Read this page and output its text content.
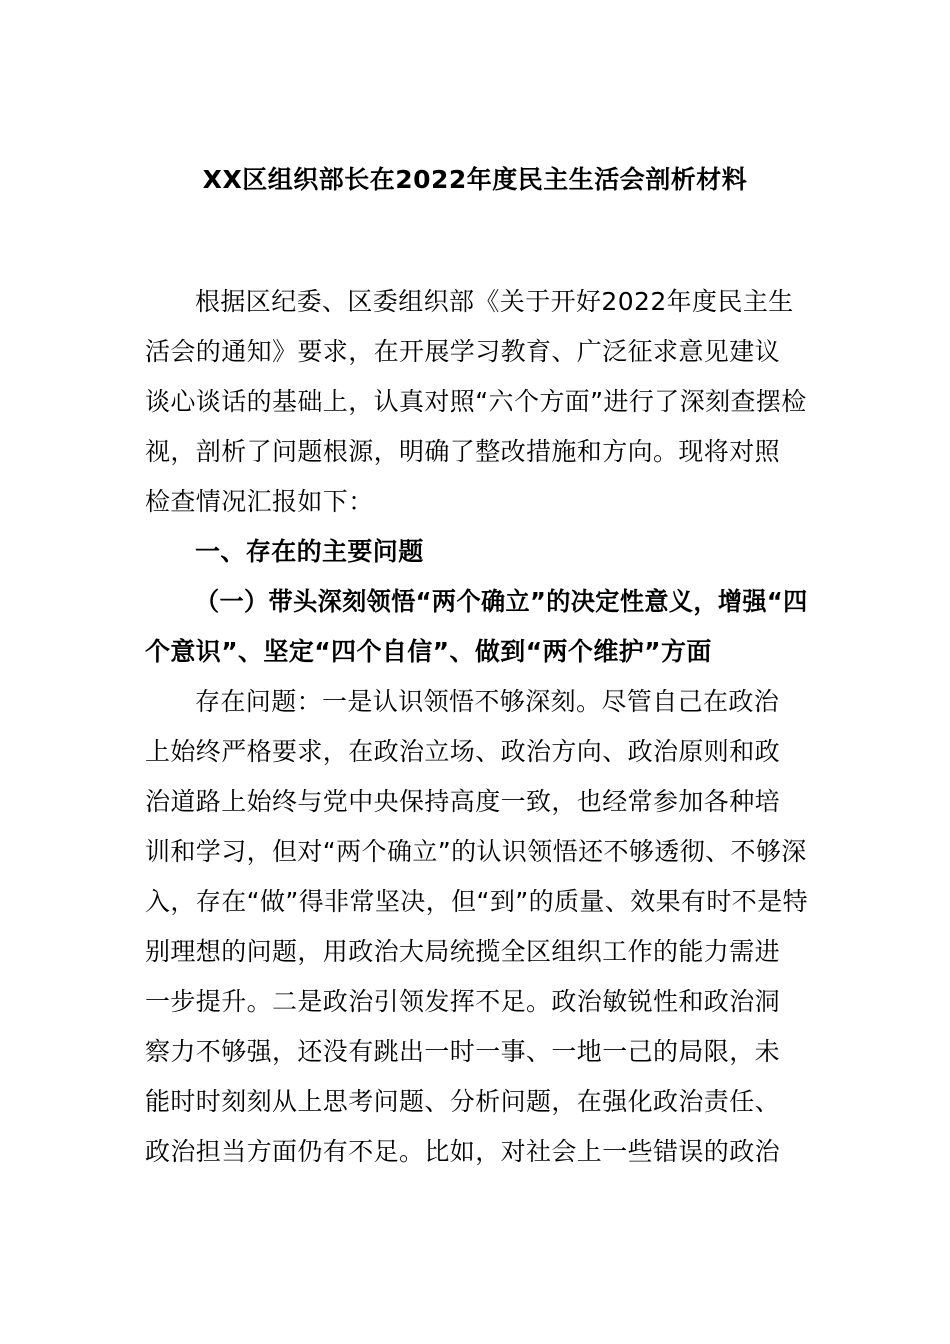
XX区组织部长在2022年度民主生活会剖析材料
根据区纪委、区委组织部《关于开好2022年度民主生
活会的通知》要求，在开展学习教育、广泛征求意见建议
谈心谈话的基础上，认真对照“六个方面”进行了深刻查摆检
视，剖析了问题根源，明确了整改措施和方向。现将对照
检查情况汇报如下：
一、存在的主要问题
（一）带头深刻领悟“两个确立”的决定性意义，增强“四
个意识”、坚定“四个自信”、做到“两个维护”方面
存在问题：一是认识领悟不够深刻。尽管自己在政治
上始终严格要求，在政治立场、政治方向、政治原则和政
治道路上始终与党中央保持高度一致，也经常参加各种培
训和学习，但对“两个确立”的认识领悟还不够透彻、不够深
入，存在“做”得非常坚决，但“到”的质量、效果有时不是特
别理想的问题，用政治大局统揽全区组织工作的能力需进
一步提升。二是政治引领发挥不足。政治敏锐性和政治洞
察力不够强，还没有跳出一时一事、一地一己的局限，未
能时时刻刻从上思考问题、分析问题，在强化政治责任、
政治担当方面仍有不足。比如，对社会上一些错误的政治
